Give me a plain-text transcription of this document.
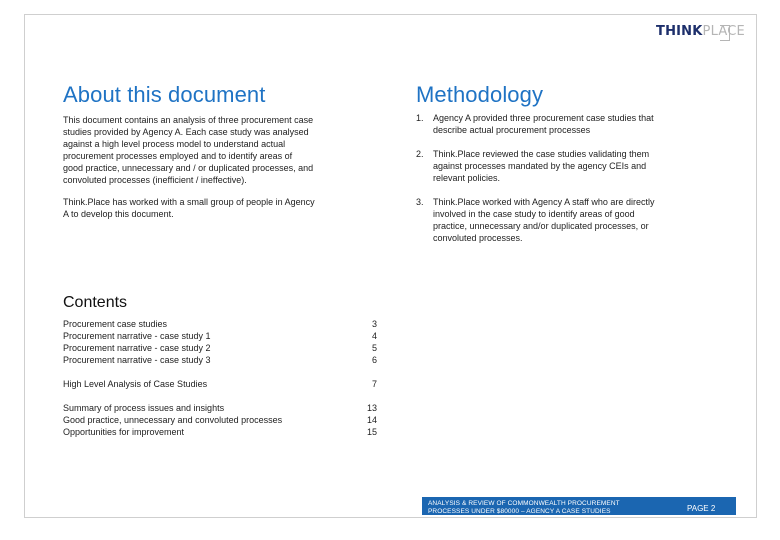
THINKPLACE
About this document
This document contains an analysis of three procurement case
studies provided by Agency A. Each case study was analysed
against a high level process model to understand actual
procurement processes employed and to identify areas of
good practice, unnecessary and / or duplicated processes, and
convoluted processes (inefficient / ineffective).
Think.Place has worked with a small group of people in Agency
A to develop this document.
Methodology
1. Agency A provided three procurement case studies that
describe actual procurement processes
2. Think.Place reviewed the case studies validating them
against processes mandated by the agency CEIs and
relevant policies.
3. Think.Place worked with Agency A staff who are directly
involved in the case study to identify areas of good
practice, unnecessary and/or duplicated processes, or
convoluted processes.
Contents
Procurement case studies	3
Procurement narrative - case study 1	4
Procurement narrative - case study 2	5
Procurement narrative - case study 3	6
High Level Analysis of Case Studies	7
Summary of process issues and insights	13
Good practice, unnecessary and convoluted processes	14
Opportunities for improvement	15
ANALYSIS & REVIEW OF COMMONWEALTH PROCUREMENT
PROCESSES UNDER $80000 – AGENCY A CASE STUDIES	PAGE 2
